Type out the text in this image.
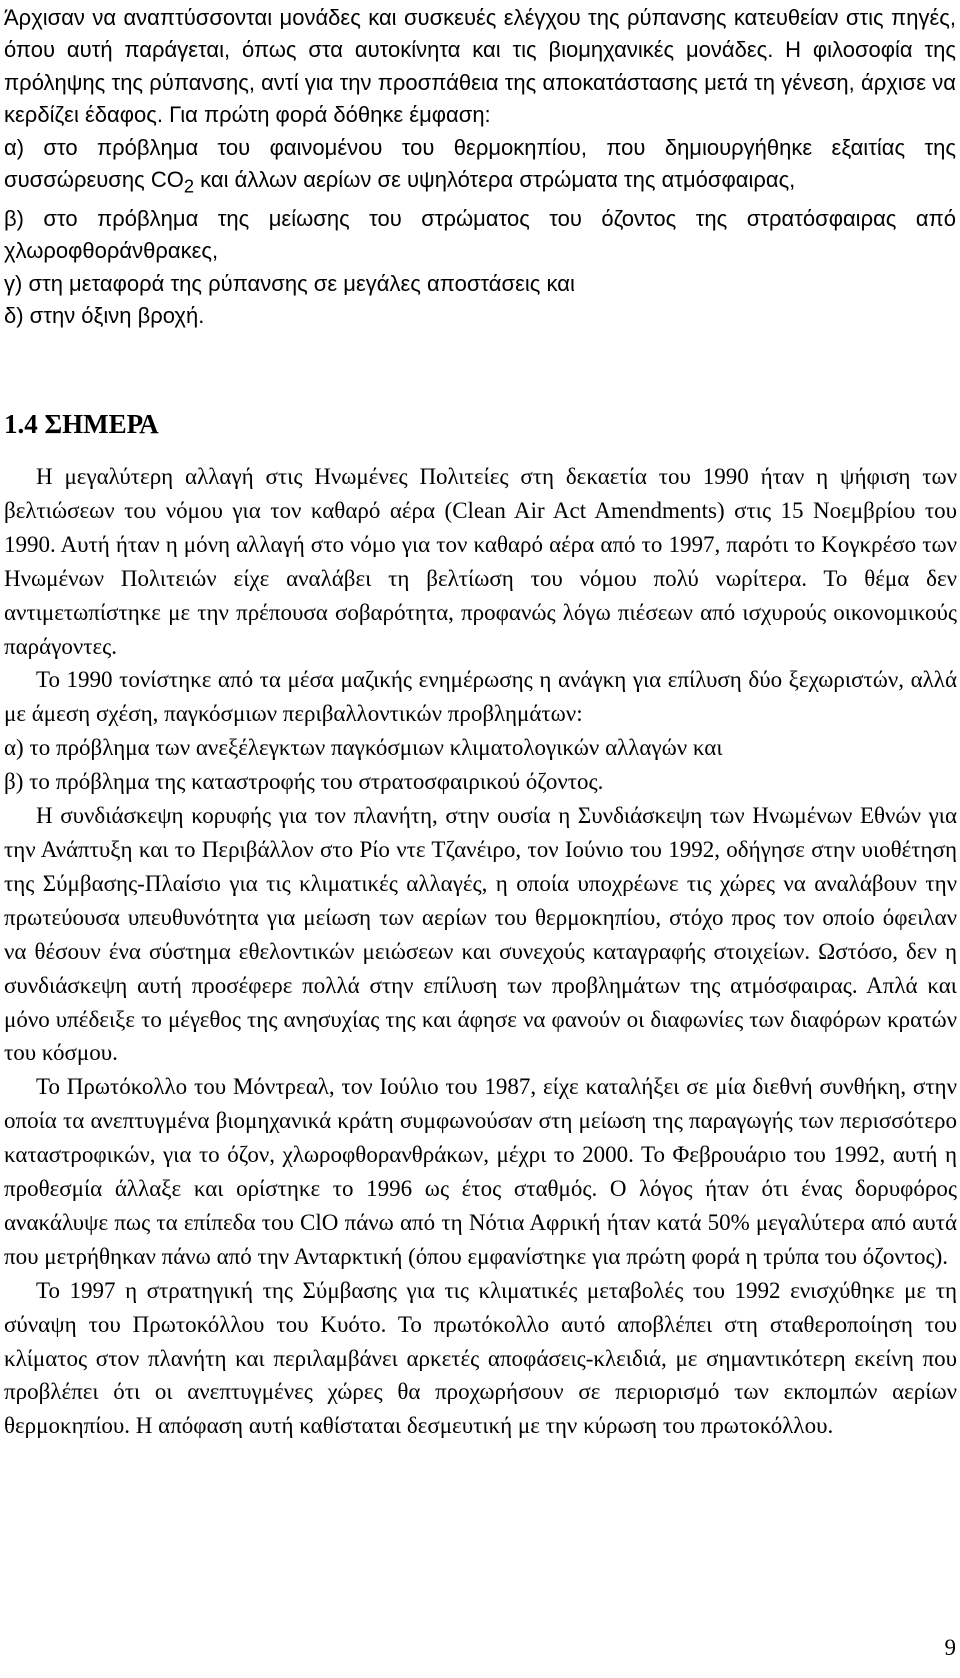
Άρχισαν να αναπτύσσονται μονάδες και συσκευές ελέγχου της ρύπανσης κατευθείαν στις πηγές, όπου αυτή παράγεται, όπως στα αυτοκίνητα και τις βιομηχανικές μονάδες. Η φιλοσοφία της πρόληψης της ρύπανσης, αντί για την προσπάθεια της αποκατάστασης μετά τη γένεση, άρχισε να κερδίζει έδαφος. Για πρώτη φορά δόθηκε έμφαση:

α) στο πρόβλημα του φαινομένου του θερμοκηπίου, που δημιουργήθηκε εξαιτίας της συσσώρευσης $CO_2$ και άλλων αερίων σε υψηλότερα στρώματα της ατμόσφαιρας,

β) στο πρόβλημα της μείωσης του στρώματος του όζοντος της στρατόσφαιρας από χλωροφθοράνθρακες,

γ) στη μεταφορά της ρύπανσης σε μεγάλες αποστάσεις και

δ) στην όξινη βροχή.

1.4 ΣΗΜΕΡΑ

Η μεγαλύτερη αλλαγή στις Ηνωμένες Πολιτείες στη δεκαετία του 1990 ήταν η ψήφιση των βελτιώσεων του νόμου για τον καθαρό αέρα (Clean Air Act Amendments) στις 15 Νοεμβρίου του 1990. Αυτή ήταν η μόνη αλλαγή στο νόμο για τον καθαρό αέρα από το 1997, παρότι το Κογκρέσο των Ηνωμένων Πολιτειών είχε αναλάβει τη βελτίωση του νόμου πολύ νωρίτερα. Το θέμα δεν αντιμετωπίστηκε με την πρέπουσα σοβαρότητα, προφανώς λόγω πιέσεων από ισχυρούς οικονομικούς παράγοντες.

Το 1990 τονίστηκε από τα μέσα μαζικής ενημέρωσης η ανάγκη για επίλυση δύο ξεχωριστών, αλλά με άμεση σχέση, παγκόσμιων περιβαλλοντικών προβλημάτων:

α) το πρόβλημα των ανεξέλεγκτων παγκόσμιων κλιματολογικών αλλαγών και

β) το πρόβλημα της καταστροφής του στρατοσφαιρικού όζοντος.

Η συνδιάσκεψη κορυφής για τον πλανήτη, στην ουσία η Συνδιάσκεψη των Ηνωμένων Εθνών για την Ανάπτυξη και το Περιβάλλον στο Ρίο ντε Τζανέιρο, τον Ιούνιο του 1992, οδήγησε στην υιοθέτηση της Σύμβασης-Πλαίσιο για τις κλιματικές αλλαγές, η οποία υποχρέωνε τις χώρες να αναλάβουν την πρωτεύουσα υπευθυνότητα για μείωση των αερίων του θερμοκηπίου, στόχο προς τον οποίο όφειλαν να θέσουν ένα σύστημα εθελοντικών μειώσεων και συνεχούς καταγραφής στοιχείων. Ωστόσο, δεν η συνδιάσκεψη αυτή προσέφερε πολλά στην επίλυση των προβλημάτων της ατμόσφαιρας. Απλά και μόνο υπέδειξε το μέγεθος της ανησυχίας της και άφησε να φανούν οι διαφωνίες των διαφόρων κρατών του κόσμου.

Το Πρωτόκολλο του Μόντρεαλ, τον Ιούλιο του 1987, είχε καταλήξει σε μία διεθνή συνθήκη, στην οποία τα ανεπτυγμένα βιομηχανικά κράτη συμφωνούσαν στη μείωση της παραγωγής των περισσότερο καταστροφικών, για το όζον, χλωροφθορανθράκων, μέχρι το 2000. Το Φεβρουάριο του 1992, αυτή η προθεσμία άλλαξε και ορίστηκε το 1996 ως έτος σταθμός. Ο λόγος ήταν ότι ένας δορυφόρος ανακάλυψε πως τα επίπεδα του ClO πάνω από τη Νότια Αφρική ήταν κατά 50% μεγαλύτερα από αυτά που μετρήθηκαν πάνω από την Ανταρκτική (όπου εμφανίστηκε για πρώτη φορά η τρύπα του όζοντος).

Το 1997 η στρατηγική της Σύμβασης για τις κλιματικές μεταβολές του 1992 ενισχύθηκε με τη σύναψη του Πρωτοκόλλου του Κυότο. Το πρωτόκολλο αυτό αποβλέπει στη σταθεροποίηση του κλίματος στον πλανήτη και περιλαμβάνει αρκετές αποφάσεις-κλειδιά, με σημαντικότερη εκείνη που προβλέπει ότι οι ανεπτυγμένες χώρες θα προχωρήσουν σε περιορισμό των εκπομπών αερίων θερμοκηπίου. Η απόφαση αυτή καθίσταται δεσμευτική με την κύρωση του πρωτοκόλλου.

9
